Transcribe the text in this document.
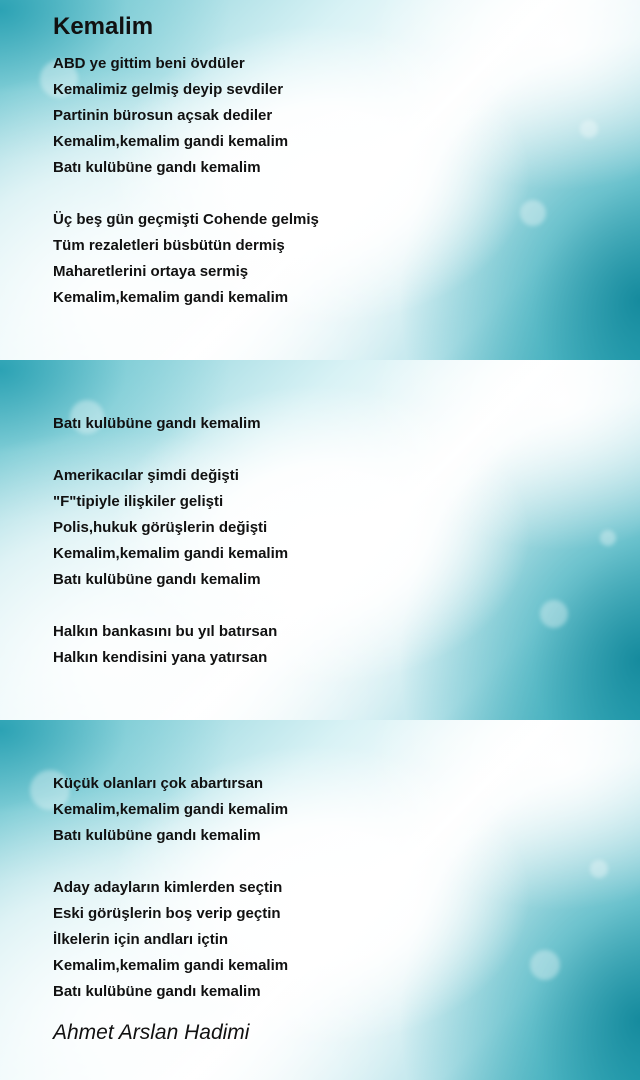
Kemalim

ABD ye gittim beni övdüler

Kemalimiz gelmiş deyip sevdiler

Partinin bürosun açsak dediler

Kemalim,kemalim gandi kemalim

Batı kulübüne gandı kemalim

Üç beş gün geçmişti Cohende gelmiş

Tüm rezaletleri büsbütün dermiş

Maharetlerini ortaya sermiş

Kemalim,kemalim gandi kemalim

Batı kulübüne gandı kemalim

Amerikacılar şimdi değişti

"F"tipiyle ilişkiler gelişti

Polis,hukuk görüşlerin değişti

Kemalim,kemalim gandi kemalim

Batı kulübüne gandı kemalim

Halkın bankasını bu yıl batırsan

Halkın kendisini yana yatırsan

Küçük olanları çok abartırsan

Kemalim,kemalim gandi kemalim

Batı kulübüne gandı kemalim

Aday adayların kimlerden seçtin

Eski görüşlerin boş verip geçtin

İlkelerin için andları içtin

Kemalim,kemalim gandi kemalim

Batı kulübüne gandı kemalim

Ahmet Arslan Hadimi
